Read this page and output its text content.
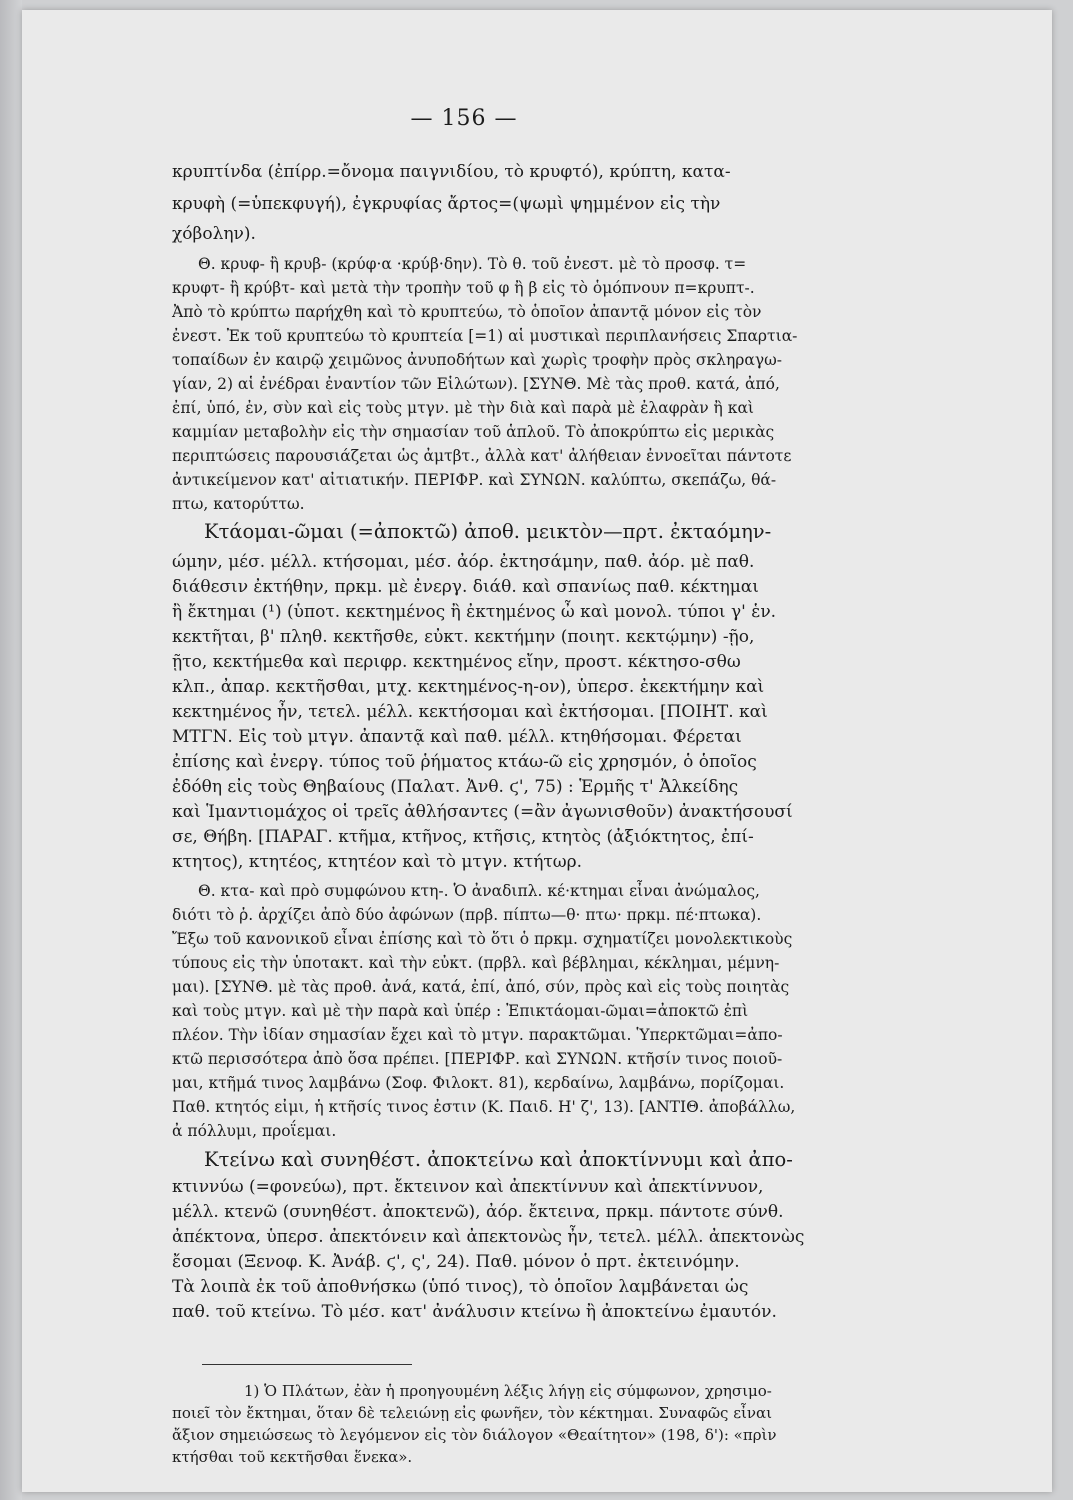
— 156 —
κρυπτίνδα (ἐπίρρ.=ὄνομα παιγνιδίου, τὸ κρυφτό), κρύπτη, κατα-
κρυφὴ (=ὑπεκφυγή), ἐγκρυφίας ἄρτος=(ψωμὶ ψημμένον εἰς τὴν
χόβολην).
Θ. κρυφ- ἢ κρυβ- (κρύφ·α ·κρύβ·δην). Τὸ θ. τοῦ ἐνεστ. μὲ τὸ προσφ. τ=
κρυφτ- ἢ κρύβτ- καὶ μετὰ τὴν τροπὴν τοῦ φ ἢ β εἰς τὸ ὁμόπνουν π=κρυπτ-.
Ἀπὸ τὸ κρύπτω παρήχθη καὶ τὸ κρυπτεύω, τὸ ὁποῖον ἀπαντᾷ μόνον εἰς τὸν
ἐνεστ. Ἐκ τοῦ κρυπτεύω τὸ κρυπτεία [=1) αἱ μυστικαὶ περιπλανήσεις Σπαρτια-
τοπαίδων ἐν καιρῷ χειμῶνος ἀνυποδήτων καὶ χωρὶς τροφὴν πρὸς σκληραγω-
γίαν, 2) αἱ ἐνέδραι ἐναντίον τῶν Εἱλώτων). [ΣΥΝΘ. Μὲ τὰς προθ. κατά, ἀπό,
ἐπί, ὑπό, ἐν, σὺν καὶ εἰς τοὺς μτγν. μὲ τὴν διὰ καὶ παρὰ μὲ ἐλαφρὰν ἢ καὶ
καμμίαν μεταβολὴν εἰς τὴν σημασίαν τοῦ ἁπλοῦ. Τὸ ἀποκρύπτω εἰς μερικὰς
περιπτώσεις παρουσιάζεται ὡς ἀμτβτ., ἀλλὰ κατ' ἀλήθειαν ἐννοεῖται πάντοτε
ἀντικείμενον κατ' αἰτιατικήν. ΠΕΡΙΦΡ. καὶ ΣΥΝΩΝ. καλύπτω, σκεπάζω, θά-
πτω, κατορύττω.
Κτάομαι-ῶμαι (=ἀποκτῶ) ἀποθ. μεικτὸν—πρτ. ἐκταόμην-
ώμην, μέσ. μέλλ. κτήσομαι, μέσ. ἀόρ. ἐκτησάμην, παθ. ἀόρ. μὲ παθ.
διάθεσιν ἐκτήθην, πρκμ. μὲ ἐνεργ. διάθ. καὶ σπανίως παθ. κέκτημαι
ἢ ἔκτημαι (¹) (ὑποτ. κεκτημένος ἢ ἐκτημένος ὦ καὶ μονολ. τύποι γ' ἑν.
κεκτῆται, β' πληθ. κεκτῆσθε, εὐκτ. κεκτήμην (ποιητ. κεκτῴμην) -ῇο,
ῇτο, κεκτήμεθα καὶ περιφρ. κεκτημένος εἴην, προστ. κέκτησο-σθω
κλπ., ἀπαρ. κεκτῆσθαι, μτχ. κεκτημένος-η-ον), ὑπερσ. ἐκεκτήμην καὶ
κεκτημένος ἦν, τετελ. μέλλ. κεκτήσομαι καὶ ἐκτήσομαι. [ΠΟΙΗΤ. καὶ
ΜΤΓΝ. Εἰς τοὺ μτγν. ἀπαντᾷ καὶ παθ. μέλλ. κτηθήσομαι. Φέρεται
ἐπίσης καὶ ἐνεργ. τύπος τοῦ ῥήματος κτάω-ῶ εἰς χρησμόν, ὁ ὁποῖος
ἐδόθη εἰς τοὺς Θηβαίους (Παλατ. Ἀνθ. ϛ', 75) : Ἑρμῆς τ' Ἀλκείδης
καὶ Ἱμαντιομάχος οἱ τρεῖς ἀθλήσαντες (=ἂν ἀγωνισθοῦν) ἀνακτήσουσί
σε, Θήβη. [ΠΑΡΑΓ. κτῆμα, κτῆνος, κτῆσις, κτητὸς (ἀξιόκτητος, ἐπί-
κτητος), κτητέος, κτητέον καὶ τὸ μτγν. κτήτωρ.
Θ. κτα- καὶ πρὸ συμφώνου κτη-. Ὁ ἀναδιπλ. κέ·κτημαι εἶναι ἀνώμαλος,
διότι τὸ ῥ. ἀρχίζει ἀπὸ δύο ἀφώνων (πρβ. πίπτω—θ· πτω· πρκμ. πέ·πτωκα).
Ἔξω τοῦ κανονικοῦ εἶναι ἐπίσης καὶ τὸ ὅτι ὁ πρκμ. σχηματίζει μονολεκτικοὺς
τύπους εἰς τὴν ὑποτακτ. καὶ τὴν εὐκτ. (πρβλ. καὶ βέβλημαι, κέκλημαι, μέμνη-
μαι). [ΣΥΝΘ. μὲ τὰς προθ. ἀνά, κατά, ἐπί, ἀπό, σύν, πρὸς καὶ εἰς τοὺς ποιητὰς
καὶ τοὺς μτγν. καὶ μὲ τὴν παρὰ καὶ ὑπέρ : Ἐπικτάομαι-ῶμαι=ἀποκτῶ ἐπὶ
πλέον. Τὴν ἰδίαν σημασίαν ἔχει καὶ τὸ μτγν. παρακτῶμαι. Ὑπερκτῶμαι=ἀπο-
κτῶ περισσότερα ἀπὸ ὅσα πρέπει. [ΠΕΡΙΦΡ. καὶ ΣΥΝΩΝ. κτῆσίν τινος ποιοῦ-
μαι, κτῆμά τινος λαμβάνω (Σοφ. Φιλοκτ. 81), κερδαίνω, λαμβάνω, πορίζομαι.
Παθ. κτητός εἰμι, ἡ κτῆσίς τινος ἐστιν (Κ. Παιδ. Η' ζ', 13). [ΑΝΤΙΘ. ἀποβάλλω,
ἀ πόλλυμι, προΐεμαι.
Κτείνω καὶ συνηθέστ. ἀποκτείνω καὶ ἀποκτίννυμι καὶ ἀπο-
κτιννύω (=φονεύω), πρτ. ἔκτεινον καὶ ἀπεκτίννυν καὶ ἀπεκτίννυον,
μέλλ. κτενῶ (συνηθέστ. ἀποκτενῶ), ἀόρ. ἔκτεινα, πρκμ. πάντοτε σύνθ.
ἀπέκτονα, ὑπερσ. ἀπεκτόνειν καὶ ἀπεκτονὼς ἦν, τετελ. μέλλ. ἀπεκτονὼς
ἔσομαι (Ξενοφ. Κ. Ἀνάβ. ϛ', ς', 24). Παθ. μόνον ὁ πρτ. ἐκτεινόμην.
Τὰ λοιπὰ ἐκ τοῦ ἀποθνήσκω (ὑπό τινος), τὸ ὁποῖον λαμβάνεται ὡς
παθ. τοῦ κτείνω. Τὸ μέσ. κατ' ἀνάλυσιν κτείνω ἢ ἀποκτείνω ἐμαυτόν.
1) Ὁ Πλάτων, ἐὰν ἡ προηγουμένη λέξις λήγῃ εἰς σύμφωνον, χρησιμο-
ποιεῖ τὸν ἔκτημαι, ὅταν δὲ τελειώνῃ εἰς φωνῆεν, τὸν κέκτημαι. Συναφῶς εἶναι
ἄξιον σημειώσεως τὸ λεγόμενον εἰς τὸν διάλογον «Θεαίτητον» (198, δ'): «πρὶν
κτήσθαι τοῦ κεκτῆσθαι ἕνεκα».
